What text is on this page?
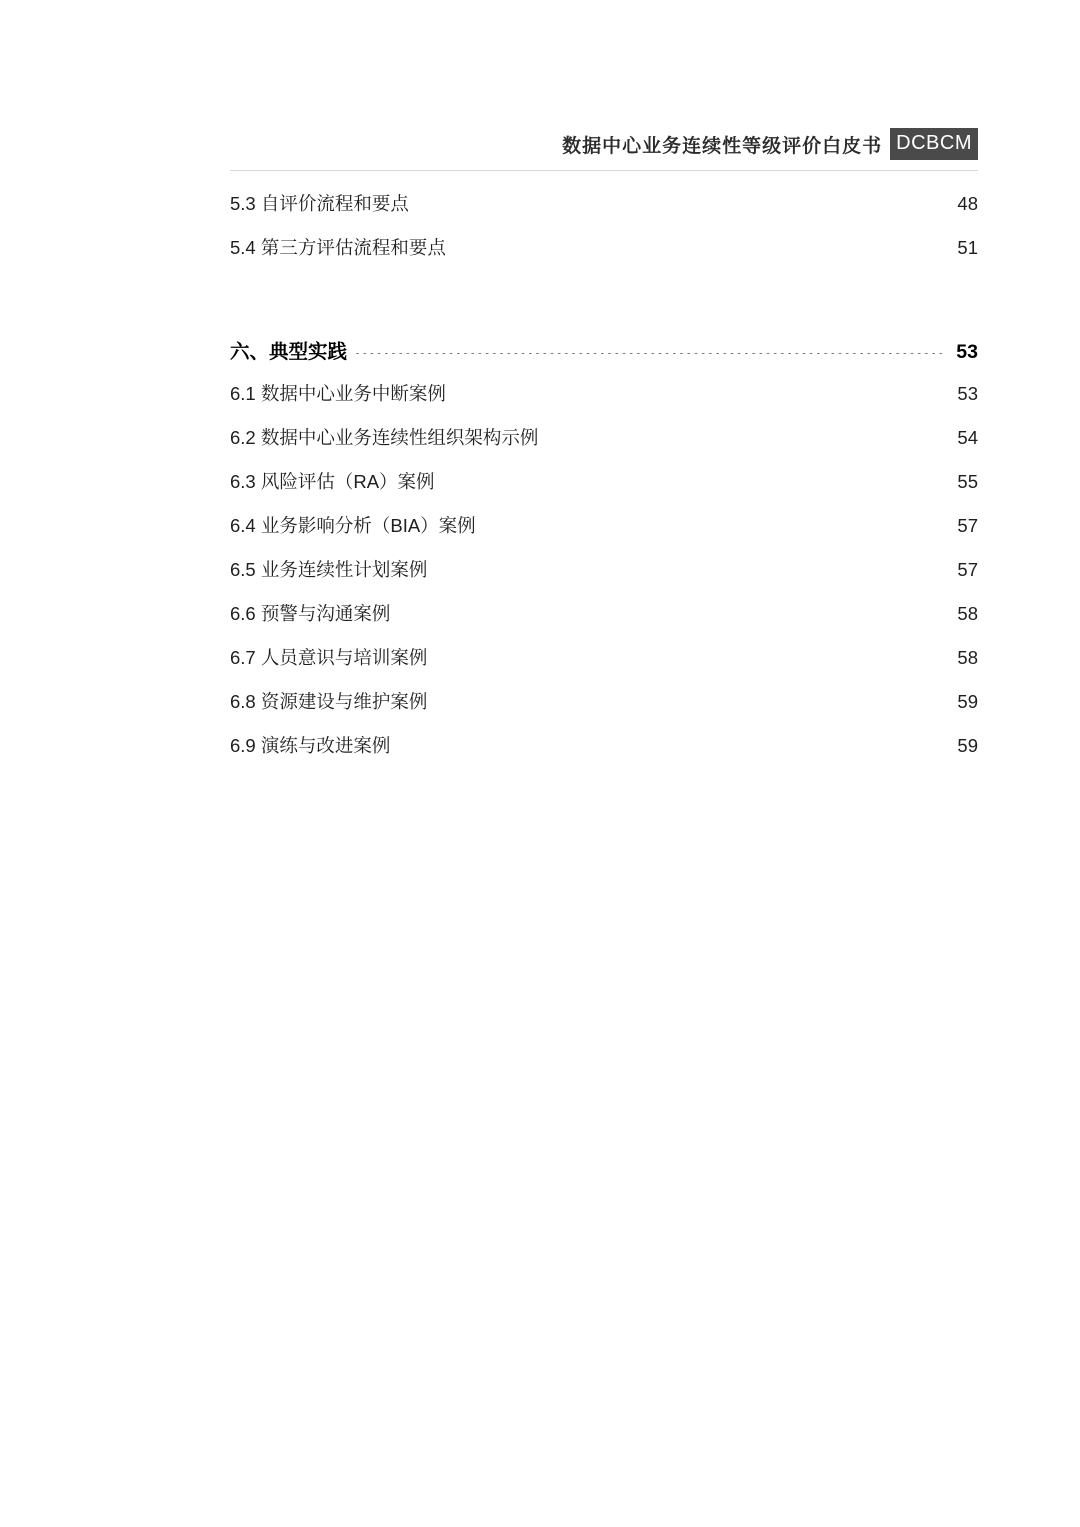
数据中心业务连续性等级评价白皮书 DCBCM
5.3 自评价流程和要点 .....	48
5.4 第三方评估流程和要点 .....	51
六、典型实践 .....	53
6.1 数据中心业务中断案例 .....	53
6.2 数据中心业务连续性组织架构示例 .....	54
6.3 风险评估（RA）案例 .....	55
6.4 业务影响分析（BIA）案例 .....	57
6.5 业务连续性计划案例 .....	57
6.6 预警与沟通案例 .....	58
6.7 人员意识与培训案例 .....	58
6.8 资源建设与维护案例 .....	59
6.9 演练与改进案例 .....	59
